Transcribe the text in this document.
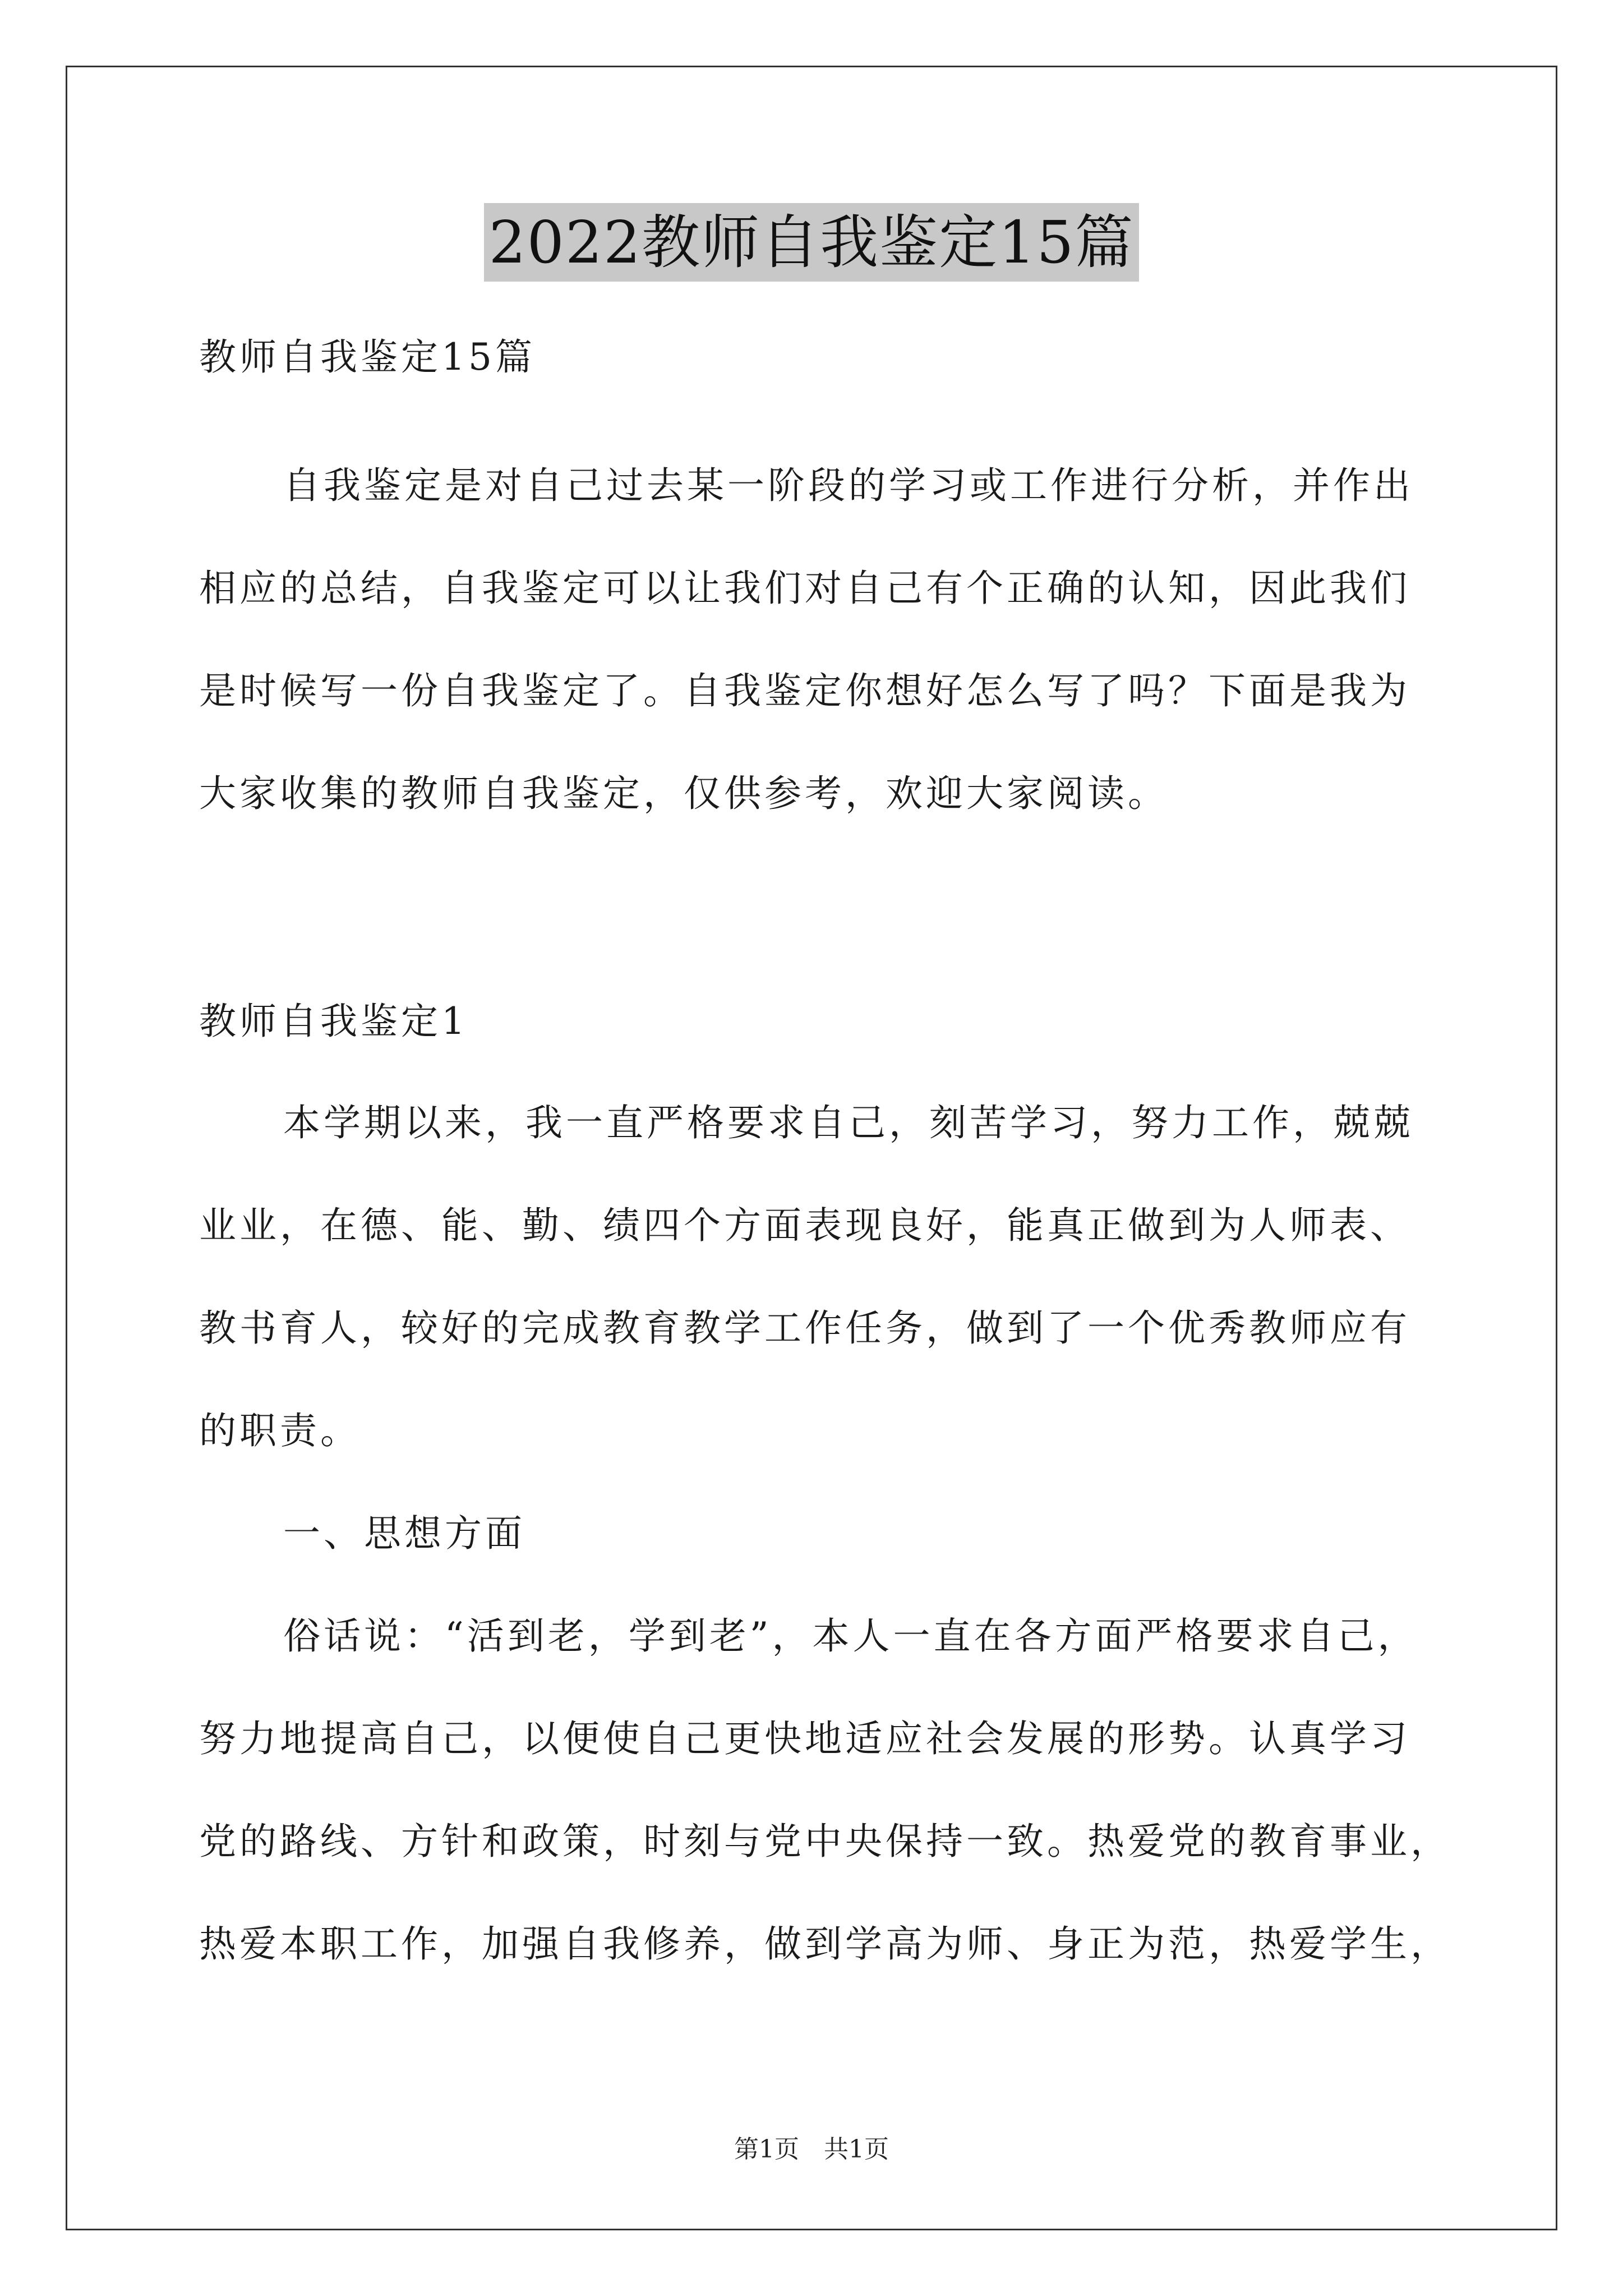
2022教师自我鉴定15篇
教师自我鉴定15篇
自我鉴定是对自己过去某一阶段的学习或工作进行分析，并作出
相应的总结，自我鉴定可以让我们对自己有个正确的认知，因此我们
是时候写一份自我鉴定了。自我鉴定你想好怎么写了吗？下面是我为
大家收集的教师自我鉴定，仅供参考，欢迎大家阅读。
教师自我鉴定1
本学期以来，我一直严格要求自己，刻苦学习，努力工作，兢兢
业业，在德、能、勤、绩四个方面表现良好，能真正做到为人师表、
教书育人，较好的完成教育教学工作任务，做到了一个优秀教师应有
的职责。
一、思想方面
俗话说：“活到老，学到老”，本人一直在各方面严格要求自己，
努力地提高自己，以便使自己更快地适应社会发展的形势。认真学习
党的路线、方针和政策，时刻与党中央保持一致。热爱党的教育事业，
热爱本职工作，加强自我修养，做到学高为师、身正为范，热爱学生，
第1页　共1页
